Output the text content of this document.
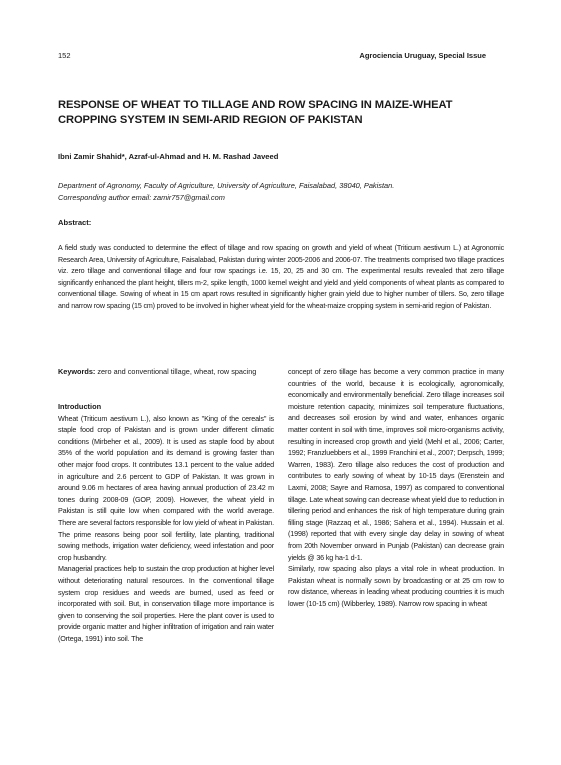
152	Agrociencia Uruguay, Special Issue
RESPONSE OF WHEAT TO TILLAGE AND ROW SPACING IN MAIZE-WHEAT CROPPING SYSTEM IN SEMI-ARID REGION OF PAKISTAN
Ibni Zamir Shahid*, Azraf-ul-Ahmad and H. M. Rashad Javeed
Department of Agronomy, Faculty of Agriculture, University of Agriculture, Faisalabad, 38040, Pakistan.
Corresponding author email: zamir757@gmail.com
Abstract:
A field study was conducted to determine the effect of tillage and row spacing on growth and yield of wheat (Triticum aestivum L.) at Agronomic Research Area, University of Agriculture, Faisalabad, Pakistan during winter 2005-2006 and 2006-07. The treatments comprised two tillage practices viz. zero tillage and conventional tillage and four row spacings i.e. 15, 20, 25 and 30 cm. The experimental results revealed that zero tillage significantly enhanced the plant height, tillers m-2, spike length, 1000 kernel weight and yield and yield components of wheat plants as compared to conventional tillage. Sowing of wheat in 15 cm apart rows resulted in significantly higher grain yield due to higher number of tillers. So, zero tillage and narrow row spacing (15 cm) proved to be involved in higher wheat yield for the wheat-maize cropping system in semi-arid region of Pakistan.
Keywords: zero and conventional tillage, wheat, row spacing

Introduction

Wheat (Triticum aestivum L.), also known as "King of the cereals" is staple food crop of Pakistan and is grown under different climatic conditions (Mirbeher et al., 2009). It is used as staple food by about 35% of the world population and its demand is growing faster than other major food crops. It contributes 13.1 percent to the value added in agriculture and 2.6 percent to GDP of Pakistan. It was grown in around 9.06 m hectares of area having annual production of 23.42 m tones during 2008-09 (GOP, 2009). However, the wheat yield in Pakistan is still quite low when compared with the world average. There are several factors responsible for low yield of wheat in Pakistan. The prime reasons being poor soil fertility, late planting, traditional sowing methods, irrigation water deficiency, weed infestation and poor crop husbandry.

Managerial practices help to sustain the crop production at higher level without deteriorating natural resources. In the conventional tillage system crop residues and weeds are burned, used as feed or incorporated with soil. But, in conservation tillage more importance is given to conserving the soil properties. Here the plant cover is used to provide organic matter and higher infiltration of irrigation and rain water (Ortega, 1991) into soil. The

concept of zero tillage has become a very common practice in many countries of the world, because it is ecologically, agronomically, economically and environmentally beneficial. Zero tillage increases soil moisture retention capacity, minimizes soil temperature fluctuations, and decreases soil erosion by wind and water, enhances organic matter content in soil with time, improves soil micro-organisms activity, resulting in increased crop growth and yield (Mehl et al., 2006; Carter, 1992; Franzluebbers et al., 1999 Franchini et al., 2007; Derpsch, 1999; Warren, 1983). Zero tillage also reduces the cost of production and contributes to early sowing of wheat by 10-15 days (Erenstein and Laxmi, 2008; Sayre and Ramosa, 1997) as compared to conventional tillage. Late wheat sowing can decrease wheat yield due to reduction in tillering period and enhances the risk of high temperature during grain filling stage (Razzaq et al., 1986; Sahera et al., 1994). Hussain et al. (1998) reported that with every single day delay in sowing of wheat from 20th November onward in Punjab (Pakistan) can decrease grain yields @ 36 kg ha-1 d-1.

Similarly, row spacing also plays a vital role in wheat production. In Pakistan wheat is normally sown by broadcasting or at 25 cm row to row distance, whereas in leading wheat producing countries it is much lower (10-15 cm) (Wibberley, 1989). Narrow row spacing in wheat
